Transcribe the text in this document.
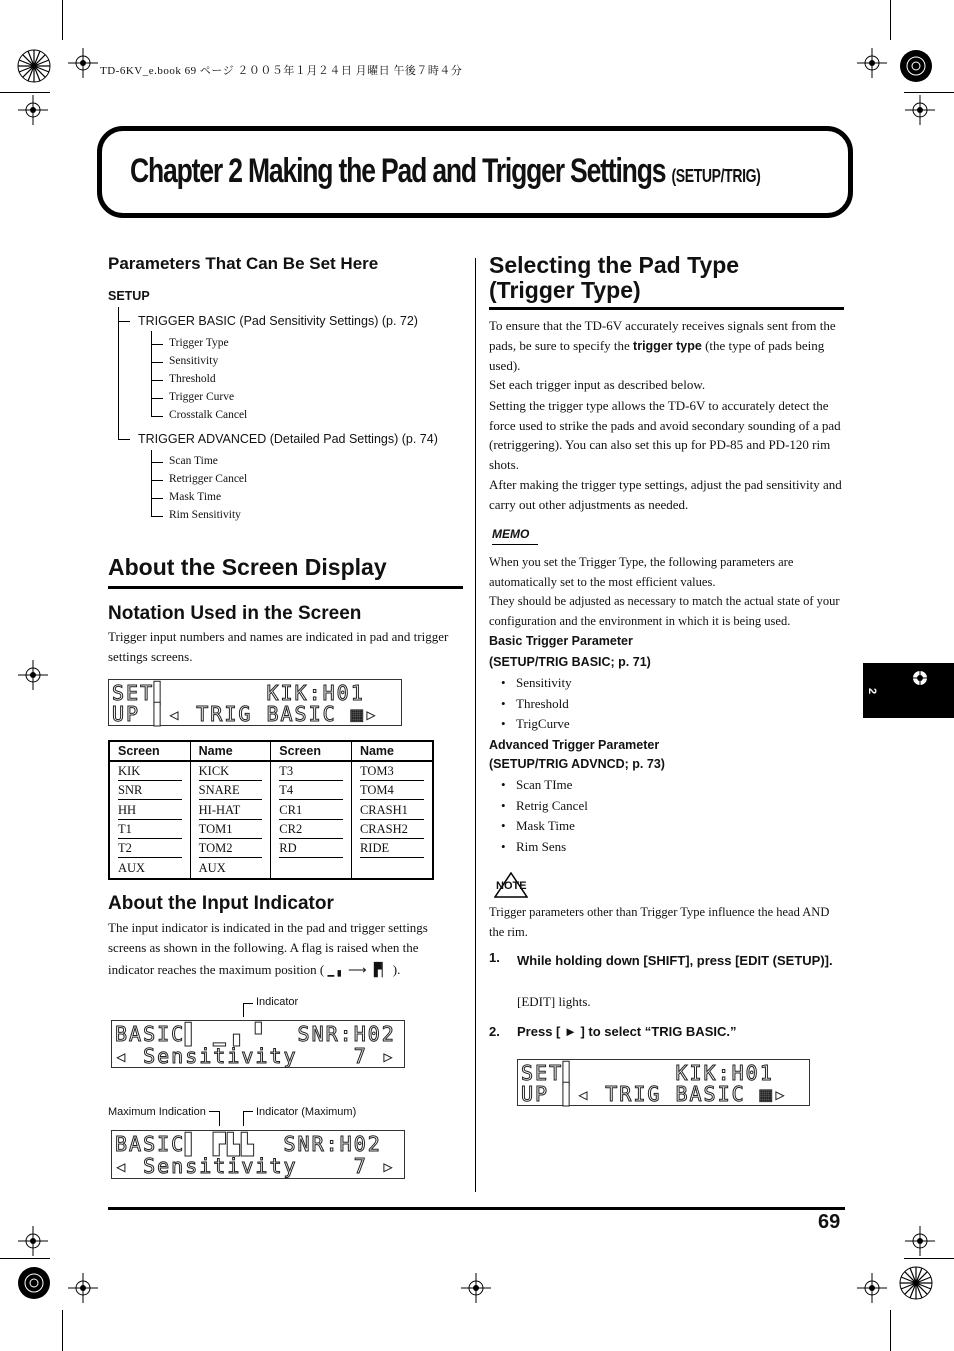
TD-6KV_e.book 69 ページ ２００５年１月２４日 月曜日 午後７時４分
Chapter 2 Making the Pad and Trigger Settings (SETUP/TRIG)
Parameters That Can Be Set Here
SETUP
TRIGGER BASIC (Pad Sensitivity Settings) (p. 72)
TRIGGER ADVANCED (Detailed Pad Settings) (p. 74)
Trigger Type
Sensitivity
Threshold
Trigger Curve
Crosstalk Cancel
Scan Time
Retrigger Cancel
Mask Time
Rim Sensitivity
About the Screen Display
Notation Used in the Screen
Trigger input numbers and names are indicated in pad and trigger settings screens.
SET▌       KIK:H01
UP ▌◂ TRIG BASIC ▦▸
Screen	Name	Screen	Name

KIK	KICK	T3	TOM3

SNR	SNARE	T4	TOM4

HH	HI-HAT	CR1	CRASH1

T1	TOM1	CR2	CRASH2

T2	TOM2	RD	RIDE

AUX	AUX		

About the Input Indicator
The input indicator is indicated in the pad and trigger settings screens as shown in the following. A flag is raised when the
indicator reaches the maximum position ( ▁▗ ⟶ ▛▏ ).
Indicator
BASIC▌ ▁▗ ▘  SNR:H02
◂ Sensitivity    7 ▸
Maximum Indication	Indicator (Maximum)
BASIC▌ ▛▙▙  SNR:H02
◂ Sensitivity    7 ▸
Selecting the Pad Type
(Trigger Type)
To ensure that the TD-6V accurately receives signals sent from the pads, be sure to specify the trigger type (the type of pads being used).
Set each trigger input as described below.
Setting the trigger type allows the TD-6V to accurately detect the force used to strike the pads and avoid secondary sounding of a pad (retriggering). You can also set this up for PD-85 and PD-120 rim shots.
After making the trigger type settings, adjust the pad sensitivity and carry out other adjustments as needed.
MEMO
When you set the Trigger Type, the following parameters are automatically set to the most efficient values.
They should be adjusted as necessary to match the actual state of your configuration and the environment in which it is being used.
Basic Trigger Parameter
(SETUP/TRIG BASIC; p. 71)
• Sensitivity
• Threshold
• TrigCurve
Advanced Trigger Parameter
(SETUP/TRIG ADVNCD; p. 73)
• Scan TIme
• Retrig Cancel
• Mask Time
• Rim Sens
NOTE
Trigger parameters other than Trigger Type influence the head AND the rim.
1. While holding down [SHIFT], press [EDIT (SETUP)].
[EDIT] lights.
2. Press [ ► ] to select “TRIG BASIC.”
SET▌       KIK:H01
UP ▌◂ TRIG BASIC ▦▸
2
69
